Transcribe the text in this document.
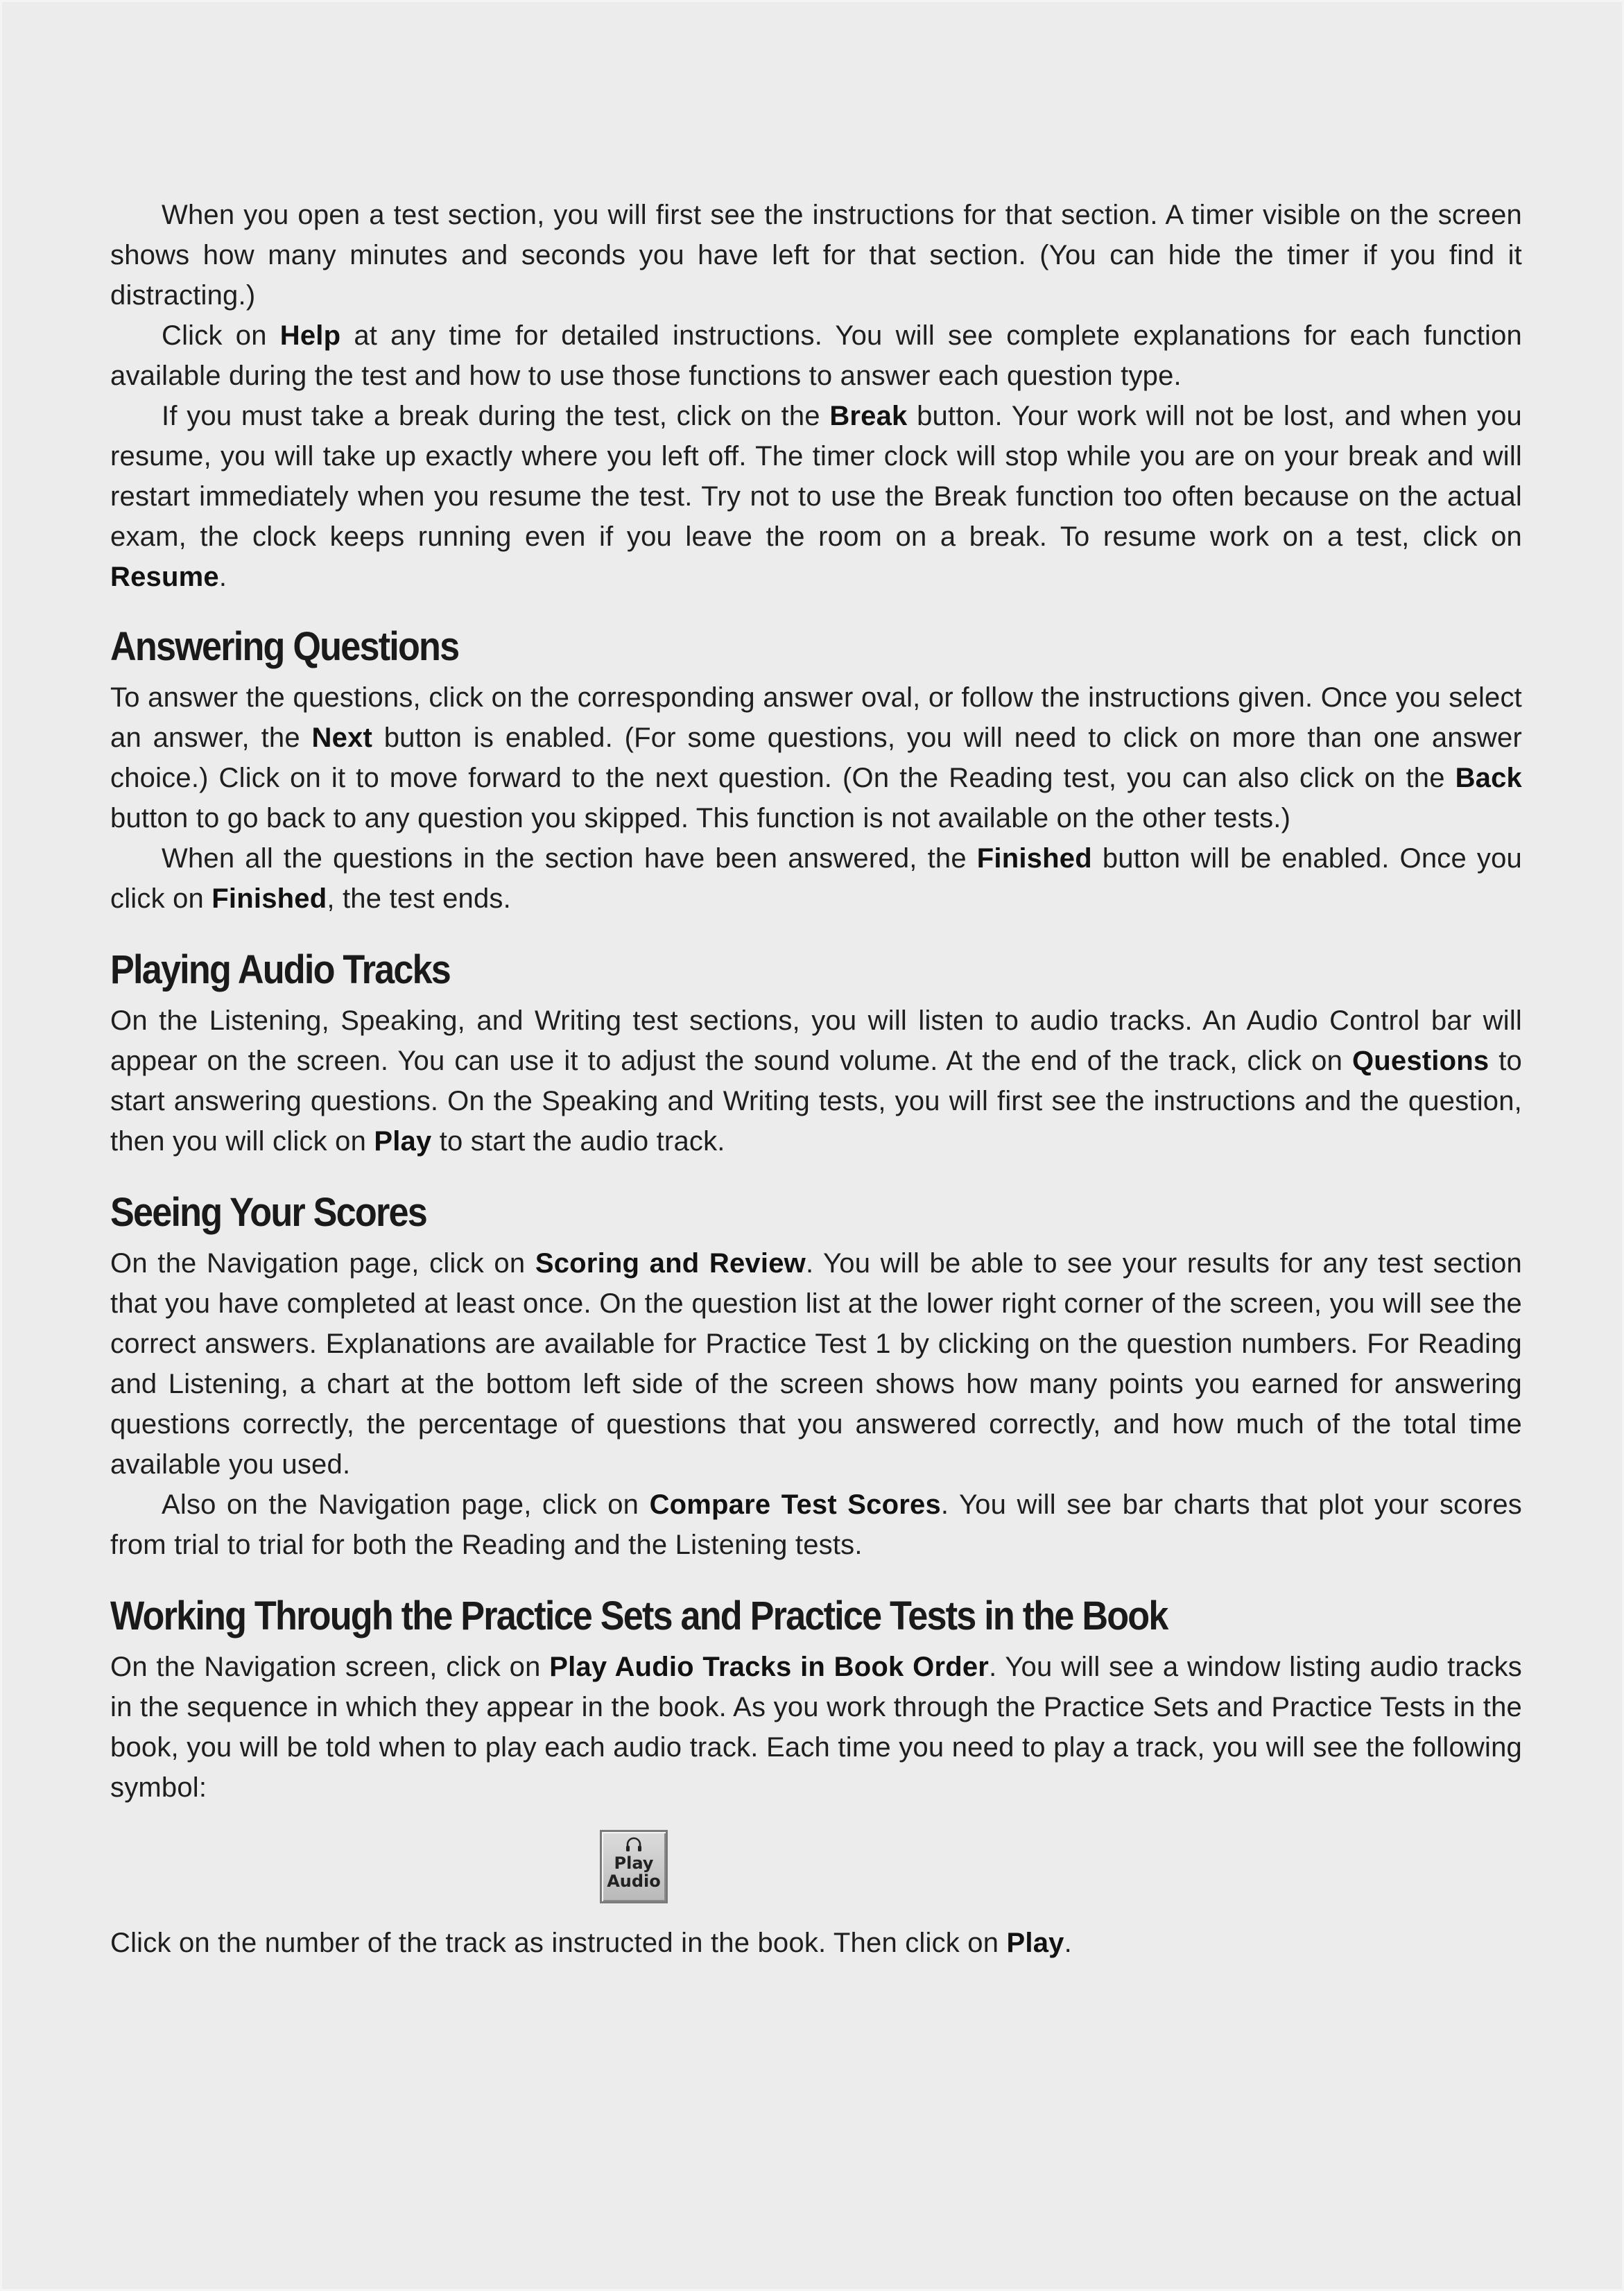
When you open a test section, you will first see the instructions for that section. A timer visible on the screen shows how many minutes and seconds you have left for that section. (You can hide the timer if you find it distracting.)

Click on Help at any time for detailed instructions. You will see complete explanations for each function available during the test and how to use those functions to answer each question type.

If you must take a break during the test, click on the Break button. Your work will not be lost, and when you resume, you will take up exactly where you left off. The timer clock will stop while you are on your break and will restart immediately when you resume the test. Try not to use the Break function too often because on the actual exam, the clock keeps running even if you leave the room on a break. To resume work on a test, click on Resume.

Answering Questions

To answer the questions, click on the corresponding answer oval, or follow the instructions given. Once you select an answer, the Next button is enabled. (For some questions, you will need to click on more than one answer choice.) Click on it to move forward to the next question. (On the Reading test, you can also click on the Back button to go back to any question you skipped. This function is not available on the other tests.)

When all the questions in the section have been answered, the Finished button will be enabled. Once you click on Finished, the test ends.

Playing Audio Tracks

On the Listening, Speaking, and Writing test sections, you will listen to audio tracks. An Audio Control bar will appear on the screen. You can use it to adjust the sound volume. At the end of the track, click on Questions to start answering questions. On the Speaking and Writing tests, you will first see the instructions and the question, then you will click on Play to start the audio track.

Seeing Your Scores

On the Navigation page, click on Scoring and Review. You will be able to see your results for any test section that you have completed at least once. On the question list at the lower right corner of the screen, you will see the correct answers. Explanations are available for Practice Test 1 by clicking on the question numbers. For Reading and Listening, a chart at the bottom left side of the screen shows how many points you earned for answering questions correctly, the percentage of questions that you answered correctly, and how much of the total time available you used.

Also on the Navigation page, click on Compare Test Scores. You will see bar charts that plot your scores from trial to trial for both the Reading and the Listening tests.

Working Through the Practice Sets and Practice Tests in the Book

On the Navigation screen, click on Play Audio Tracks in Book Order. You will see a window listing audio tracks in the sequence in which they appear in the book. As you work through the Practice Sets and Practice Tests in the book, you will be told when to play each audio track. Each time you need to play a track, you will see the following symbol:

Play
Audio

Click on the number of the track as instructed in the book. Then click on Play.
